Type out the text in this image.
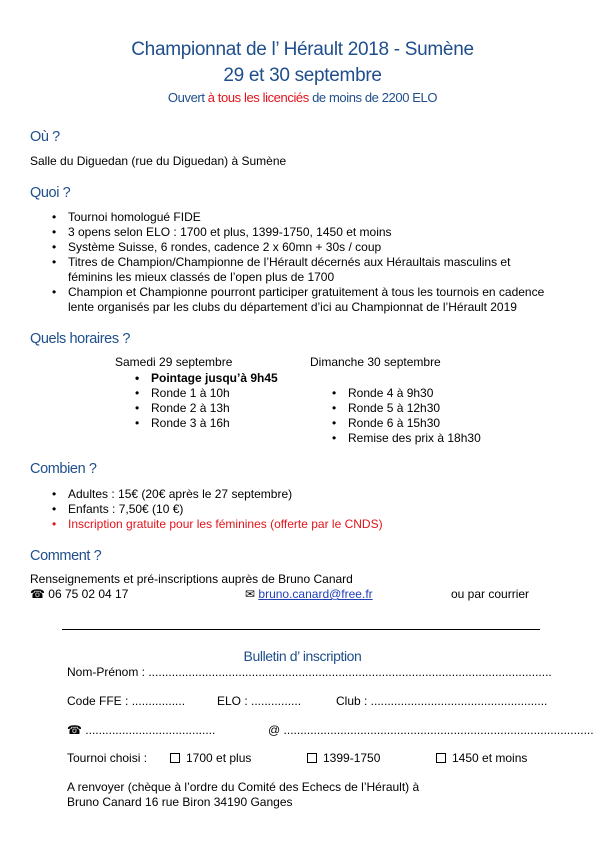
Championnat de l’ Hérault 2018 - Sumène
29 et 30 septembre
Ouvert à tous les licenciés de moins de 2200 ELO
Où ?
Salle du Diguedan (rue du Diguedan) à Sumène
Quoi ?
• Tournoi homologué FIDE
• 3 opens selon ELO : 1700 et plus, 1399-1750, 1450 et moins
• Système Suisse, 6 rondes, cadence 2 x 60mn + 30s / coup
• Titres de Champion/Championne de l’Hérault décernés aux Héraultais masculins et
féminins les mieux classés de l’open plus de 1700
• Champion et Championne pourront participer gratuitement à tous les tournois en cadence
lente organisés par les clubs du département d’ici au Championnat de l’Hérault 2019
Quels horaires ?
Samedi 29 septembre
• Pointage jusqu’à 9h45
• Ronde 1 à 10h
• Ronde 2 à 13h
• Ronde 3 à 16h
Dimanche 30 septembre
• Ronde 4 à 9h30
• Ronde 5 à 12h30
• Ronde 6 à 15h30
• Remise des prix à 18h30
Combien ?
• Adultes : 15€ (20€ après le 27 septembre)
• Enfants : 7,50€ (10 €)
• Inscription gratuite pour les féminines (offerte par le CNDS)
Comment ?
Renseignements et pré-inscriptions auprès de Bruno Canard
☎ 06 75 02 04 17	✉ bruno.canard@free.fr	ou par courrier
Bulletin d’ inscription
Nom-Prénom : .........................................................................................................................
Code FFE : ................	ELO : ...............	Club : .....................................................
☎ .......................................	@ .............................................................................................
Tournoi choisi :	1700 et plus	1399-1750	1450 et moins
A renvoyer (chèque à l’ordre du Comité des Echecs de l’Hérault) à
Bruno Canard 16 rue Biron 34190 Ganges
